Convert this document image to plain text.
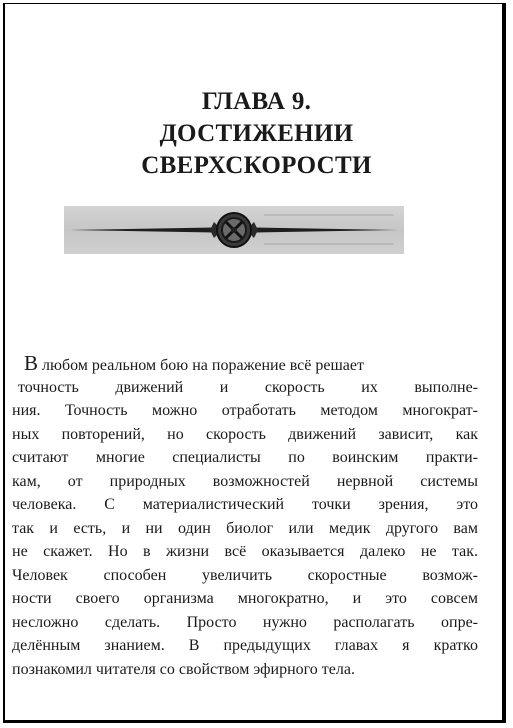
ГЛАВА 9.
ДОСТИЖЕНИИ
СВЕРХСКОРОСТИ
В любом реальном бою на поражение всё решает
точность движений и скорость их выполне-
ния. Точность можно отработать методом многократ-
ных повторений, но скорость движений зависит, как
считают многие специалисты по воинским практи-
кам, от природных возможностей нервной системы
человека. С материалистический точки зрения, это
так и есть, и ни один биолог или медик другого вам
не скажет. Но в жизни всё оказывается далеко не так.
Человек способен увеличить скоростные возмож-
ности своего организма многократно, и это совсем
несложно сделать. Просто нужно располагать опре-
делённым знанием. В предыдущих главах я кратко
познакомил читателя со свойством эфирного тела.
